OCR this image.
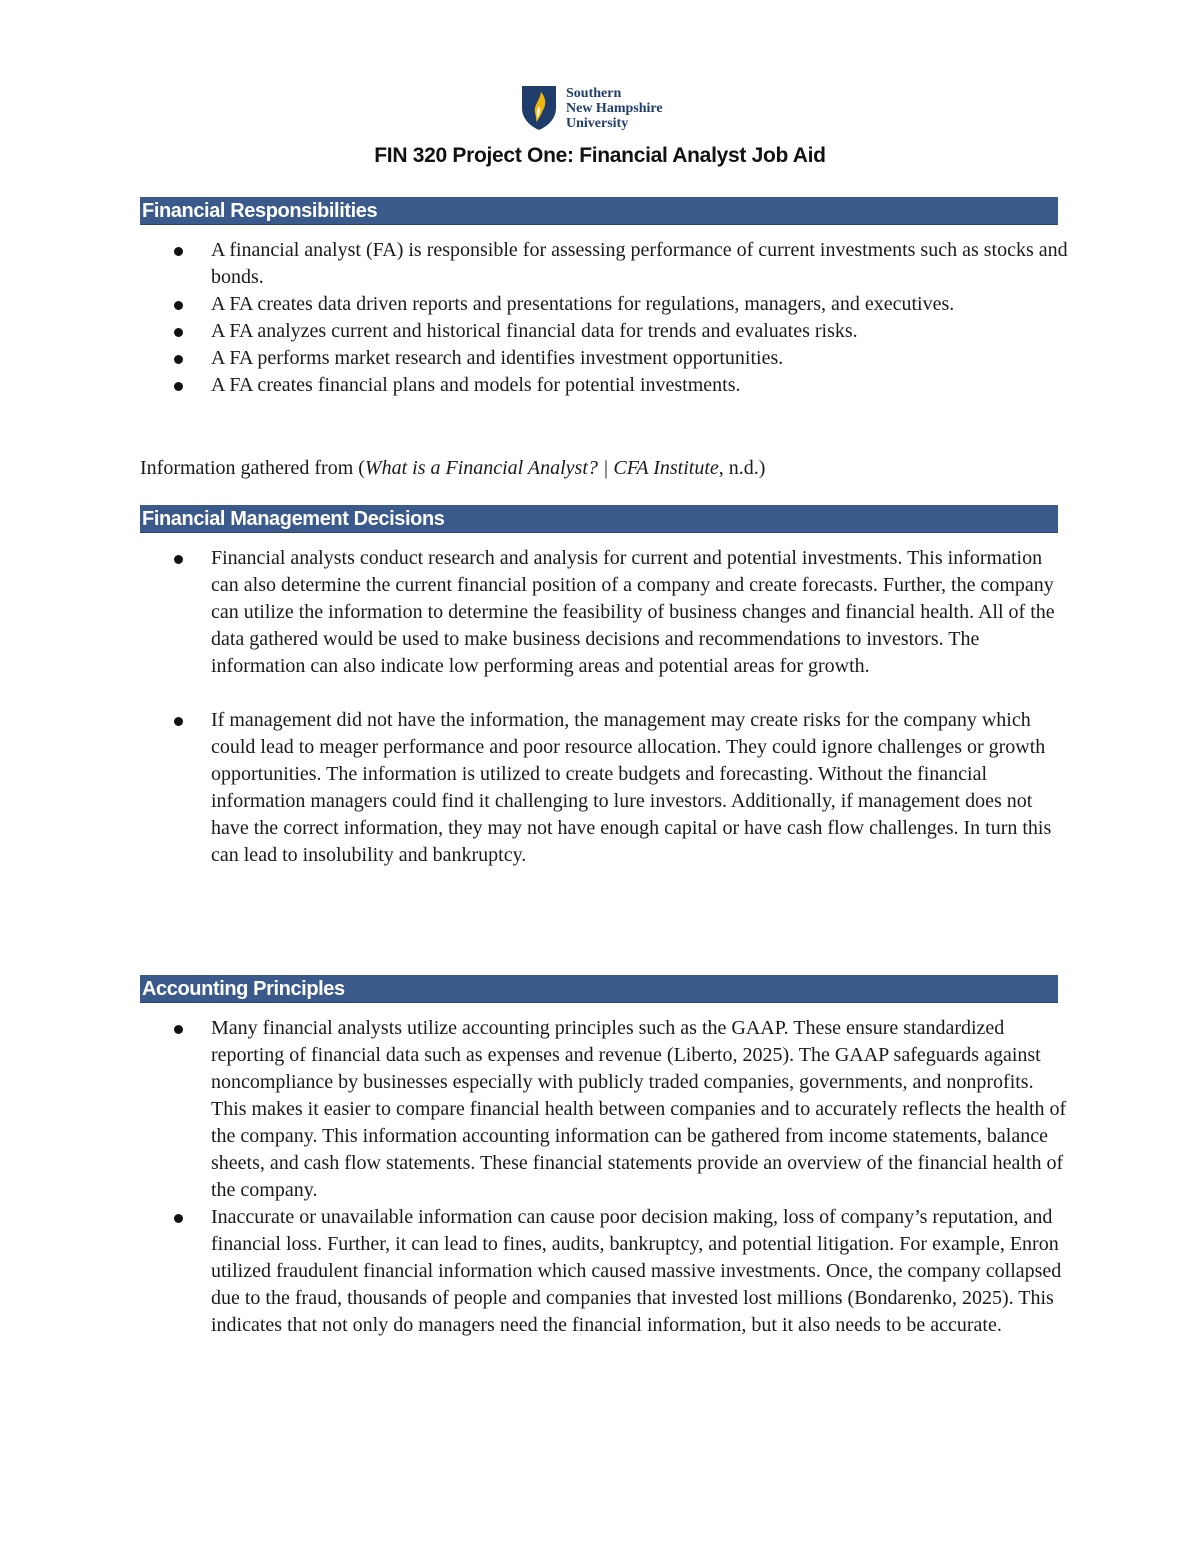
Southern
New Hampshire
University
FIN 320 Project One: Financial Analyst Job Aid
Financial Responsibilities
A financial analyst (FA) is responsible for assessing performance of current investments such as stocks and bonds.
A FA creates data driven reports and presentations for regulations, managers, and executives.
A FA analyzes current and historical financial data for trends and evaluates risks.
A FA performs market research and identifies investment opportunities.
A FA creates financial plans and models for potential investments.
Information gathered from (What is a Financial Analyst? | CFA Institute, n.d.)
Financial Management Decisions
Financial analysts conduct research and analysis for current and potential investments. This information can also determine the current financial position of a company and create forecasts. Further, the company can utilize the information to determine the feasibility of business changes and financial health. All of the data gathered would be used to make business decisions and recommendations to investors. The information can also indicate low performing areas and potential areas for growth.
If management did not have the information, the management may create risks for the company which could lead to meager performance and poor resource allocation. They could ignore challenges or growth opportunities. The information is utilized to create budgets and forecasting. Without the financial information managers could find it challenging to lure investors. Additionally, if management does not have the correct information, they may not have enough capital or have cash flow challenges. In turn this can lead to insolubility and bankruptcy.
Accounting Principles
Many financial analysts utilize accounting principles such as the GAAP. These ensure standardized reporting of financial data such as expenses and revenue (Liberto, 2025). The GAAP safeguards against noncompliance by businesses especially with publicly traded companies, governments, and nonprofits. This makes it easier to compare financial health between companies and to accurately reflects the health of the company. This information accounting information can be gathered from income statements, balance sheets, and cash flow statements. These financial statements provide an overview of the financial health of the company.
Inaccurate or unavailable information can cause poor decision making, loss of company’s reputation, and financial loss. Further, it can lead to fines, audits, bankruptcy, and potential litigation. For example, Enron utilized fraudulent financial information which caused massive investments. Once, the company collapsed due to the fraud, thousands of people and companies that invested lost millions (Bondarenko, 2025). This indicates that not only do managers need the financial information, but it also needs to be accurate.
